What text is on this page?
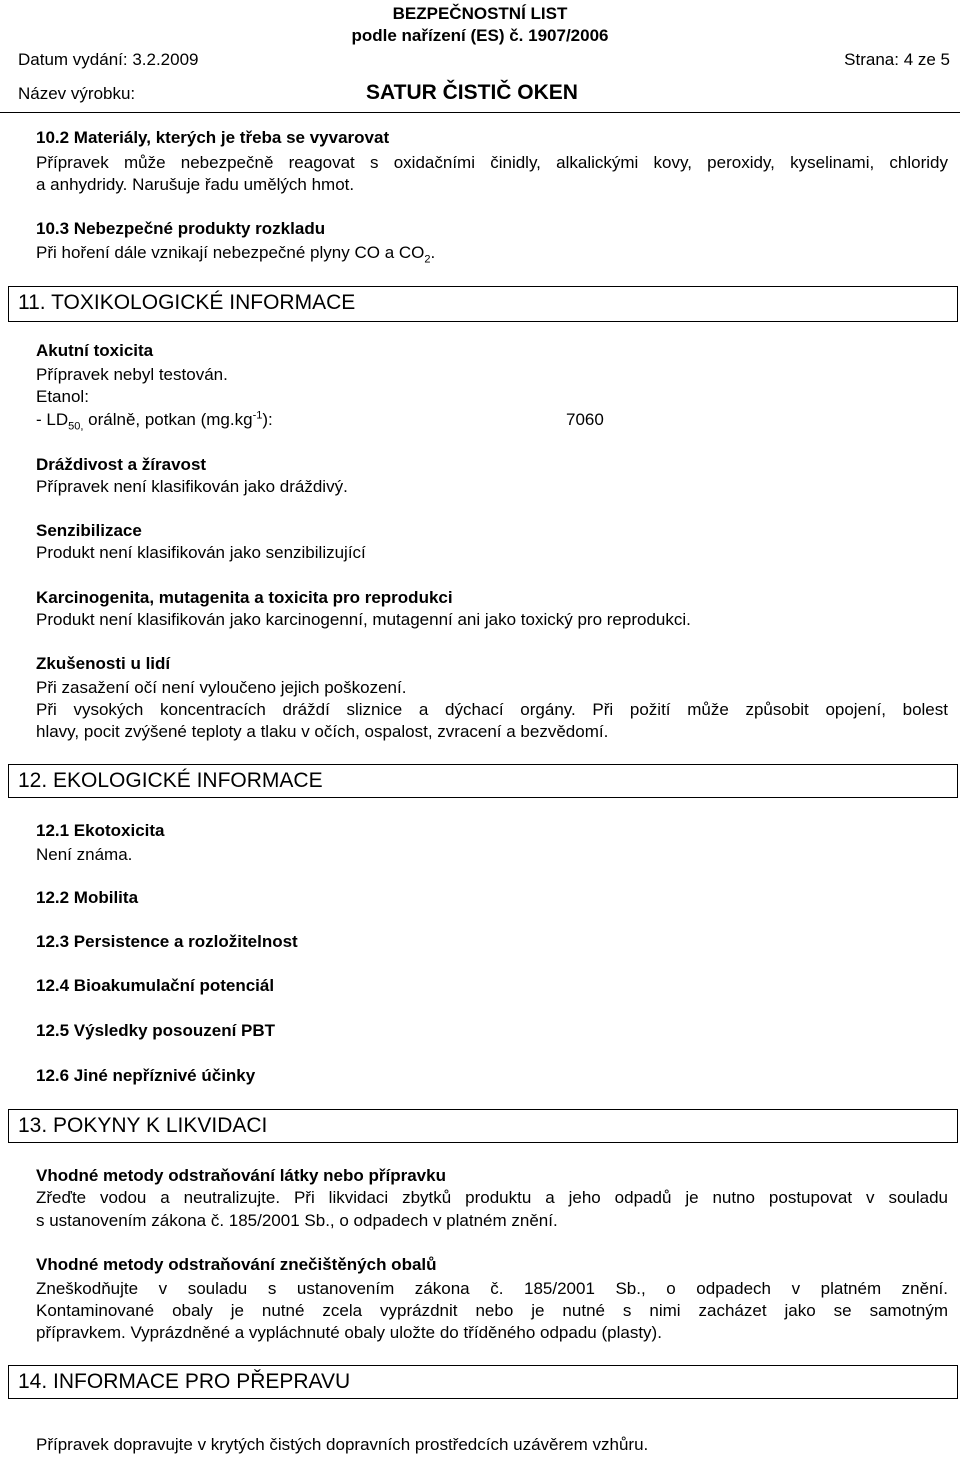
BEZPEČNOSTNÍ LIST
podle nařízení (ES) č. 1907/2006
Datum vydání: 3.2.2009	Strana: 4 ze 5
Název výrobku:	SATUR ČISTIČ OKEN
10.2 Materiály, kterých je třeba se vyvarovat
Přípravek může nebezpečně reagovat s oxidačními činidly, alkalickými kovy, peroxidy, kyselinami, chloridy
a anhydridy. Narušuje řadu umělých hmot.
10.3 Nebezpečné produkty rozkladu
Při hoření dále vznikají nebezpečné plyny CO a $CO_2$.
11. TOXIKOLOGICKÉ INFORMACE
Akutní toxicita
Přípravek nebyl testován.
Etanol:
- $LD_{50,}$ orálně, potkan $(mg.kg^{-1})$:	7060
Dráždivost a žíravost
Přípravek není klasifikován jako dráždivý.
Senzibilizace
Produkt není klasifikován jako senzibilizující
Karcinogenita, mutagenita a toxicita pro reprodukci
Produkt není klasifikován jako karcinogenní, mutagenní ani jako toxický pro reprodukci.
Zkušenosti u lidí
Při zasažení očí není vyloučeno jejich poškození.
Při vysokých koncentracích dráždí sliznice a dýchací orgány. Při požití může způsobit opojení, bolest
hlavy, pocit zvýšené teploty a tlaku v očích, ospalost, zvracení a bezvědomí.
12. EKOLOGICKÉ INFORMACE
12.1 Ekotoxicita
Není známa.
12.2 Mobilita
12.3 Persistence a rozložitelnost
12.4 Bioakumulační potenciál
12.5 Výsledky posouzení PBT
12.6 Jiné nepříznivé účinky
13. POKYNY K LIKVIDACI
Vhodné metody odstraňování látky nebo přípravku
Zřeďte vodou a neutralizujte. Při likvidaci zbytků produktu a jeho odpadů je nutno postupovat v souladu
s ustanovením zákona č. 185/2001 Sb., o odpadech v platném znění.
Vhodné metody odstraňování znečištěných obalů
Zneškodňujte v souladu s ustanovením zákona č. 185/2001 Sb., o odpadech v platném znění.
Kontaminované obaly je nutné zcela vyprázdnit nebo je nutné s nimi zacházet jako se samotným
přípravkem. Vyprázdněné a vypláchnuté obaly uložte do tříděného odpadu (plasty).
14. INFORMACE PRO PŘEPRAVU
Přípravek dopravujte v krytých čistých dopravních prostředcích uzávěrem vzhůru.
